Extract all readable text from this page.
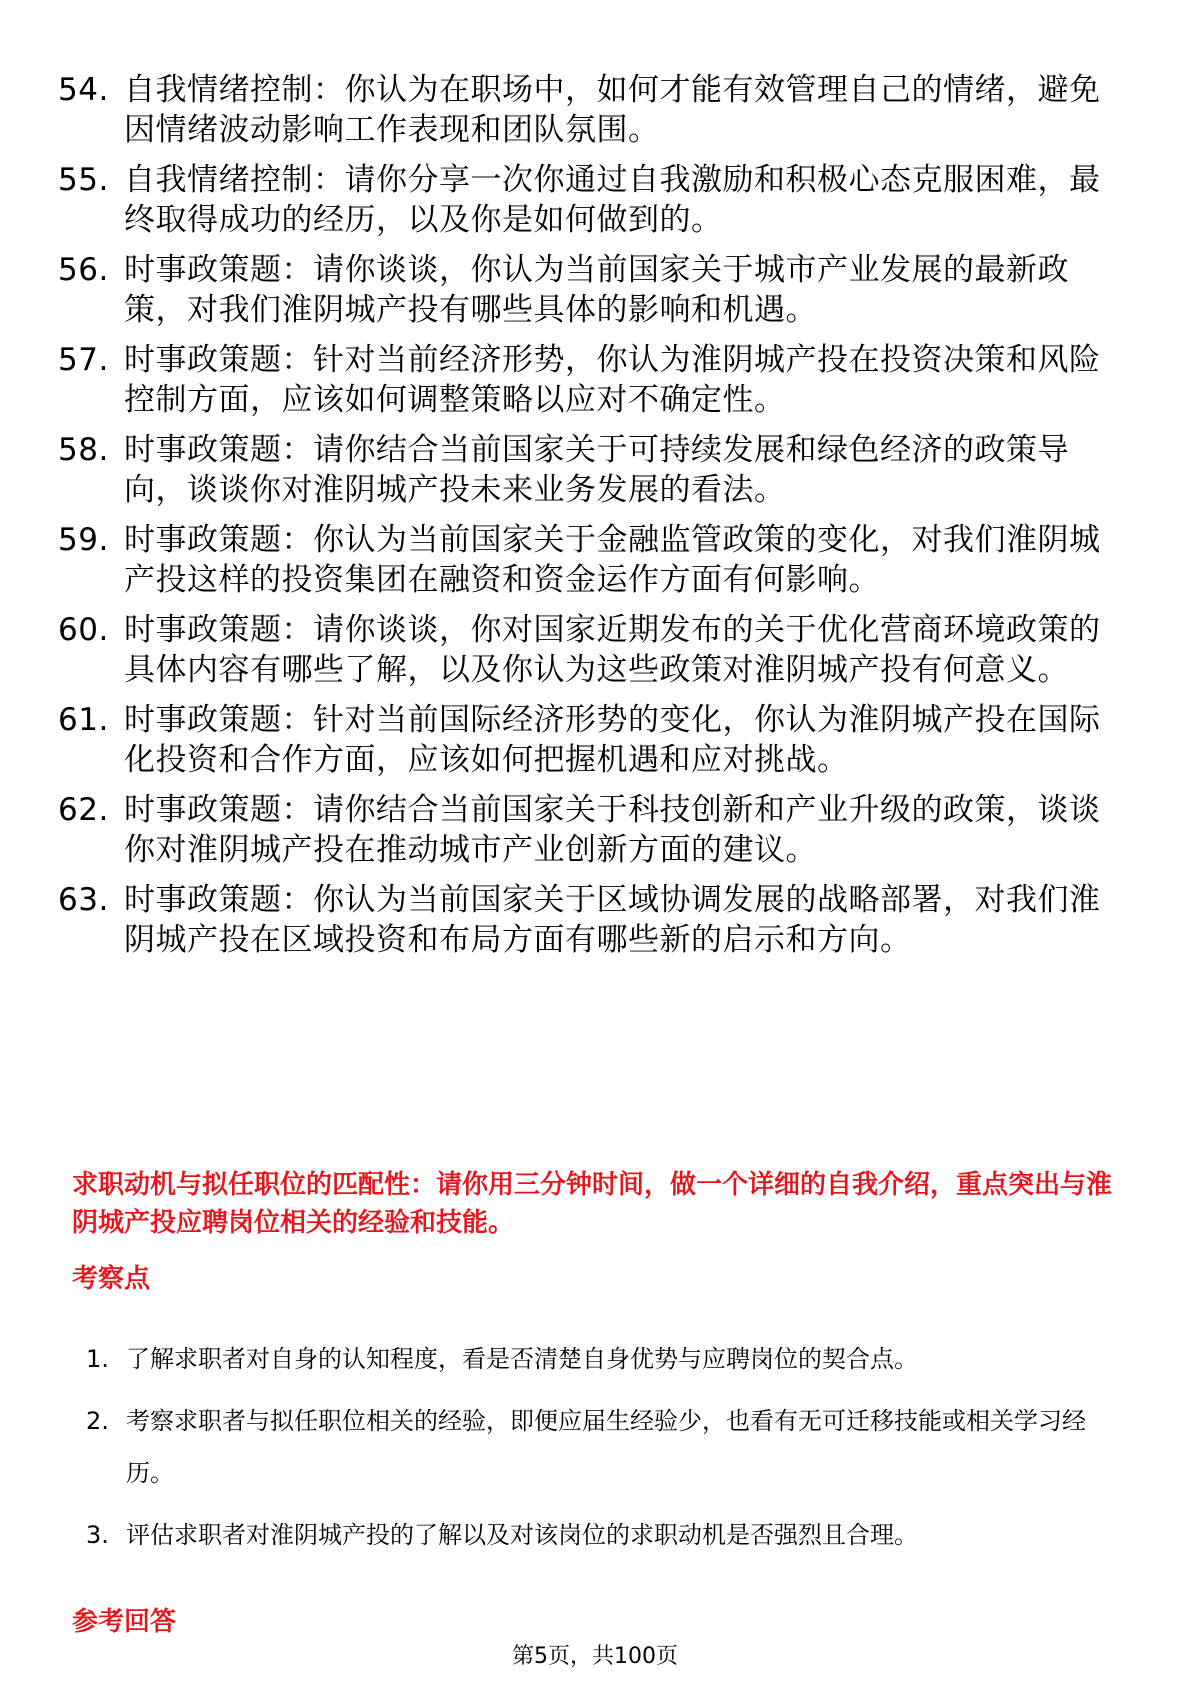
54. 自我情绪控制：你认为在职场中，如何才能有效管理自己的情绪，避免因情绪波动影响工作表现和团队氛围。
55. 自我情绪控制：请你分享一次你通过自我激励和积极心态克服困难，最终取得成功的经历，以及你是如何做到的。
56. 时事政策题：请你谈谈，你认为当前国家关于城市产业发展的最新政策，对我们淮阴城产投有哪些具体的影响和机遇。
57. 时事政策题：针对当前经济形势，你认为淮阴城产投在投资决策和风险控制方面，应该如何调整策略以应对不确定性。
58. 时事政策题：请你结合当前国家关于可持续发展和绿色经济的政策导向，谈谈你对淮阴城产投未来业务发展的看法。
59. 时事政策题：你认为当前国家关于金融监管政策的变化，对我们淮阴城产投这样的投资集团在融资和资金运作方面有何影响。
60. 时事政策题：请你谈谈，你对国家近期发布的关于优化营商环境政策的具体内容有哪些了解，以及你认为这些政策对淮阴城产投有何意义。
61. 时事政策题：针对当前国际经济形势的变化，你认为淮阴城产投在国际化投资和合作方面，应该如何把握机遇和应对挑战。
62. 时事政策题：请你结合当前国家关于科技创新和产业升级的政策，谈谈你对淮阴城产投在推动城市产业创新方面的建议。
63. 时事政策题：你认为当前国家关于区域协调发展的战略部署，对我们淮阴城产投在区域投资和布局方面有哪些新的启示和方向。
求职动机与拟任职位的匹配性：请你用三分钟时间，做一个详细的自我介绍，重点突出与淮阴城产投应聘岗位相关的经验和技能。
考察点
1. 了解求职者对自身的认知程度，看是否清楚自身优势与应聘岗位的契合点。
2. 考察求职者与拟任职位相关的经验，即便应届生经验少，也看有无可迁移技能或相关学习经历。
3. 评估求职者对淮阴城产投的了解以及对该岗位的求职动机是否强烈且合理。
参考回答
第5页，共100页
